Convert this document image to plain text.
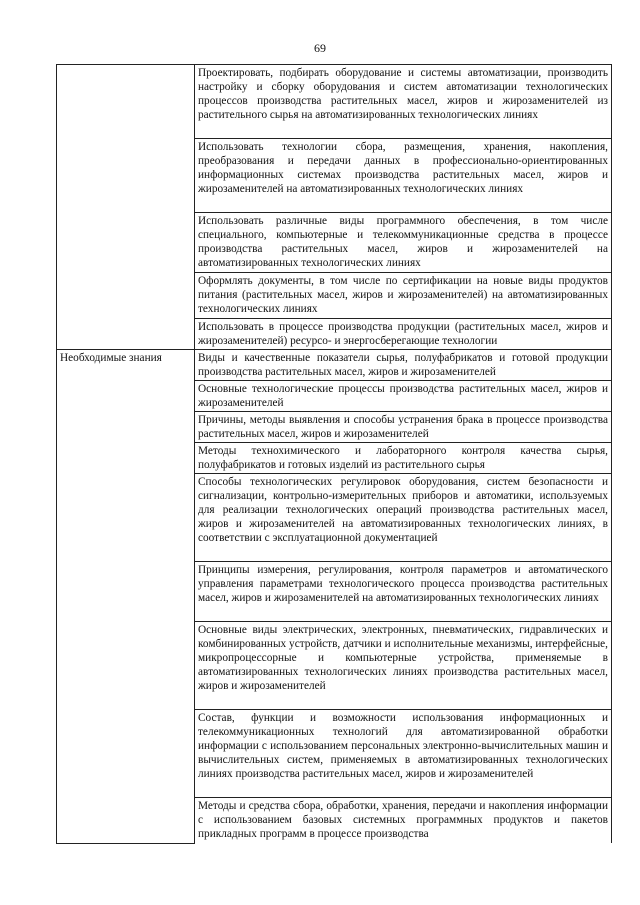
69
	Проектировать, подбирать оборудование и системы автоматизации, производить настройку и сборку оборудования и систем автоматизации технологических процессов производства растительных масел, жиров и жирозаменителей из растительного сырья на автоматизированных технологических линиях
	Использовать технологии сбора, размещения, хранения, накопления, преобразования и передачи данных в профессионально-ориентированных информационных системах производства растительных масел, жиров и жирозаменителей на автоматизированных технологических линиях
	Использовать различные виды программного обеспечения, в том числе специального, компьютерные и телекоммуникационные средства в процессе производства растительных масел, жиров и жирозаменителей на автоматизированных технологических линиях
	Оформлять документы, в том числе по сертификации на новые виды продуктов питания (растительных масел, жиров и жирозаменителей) на автоматизированных технологических линиях
	Использовать в процессе производства продукции (растительных масел, жиров и жирозаменителей) ресурсо- и энергосберегающие технологии
Необходимые знания	Виды и качественные показатели сырья, полуфабрикатов и готовой продукции производства растительных масел, жиров и жирозаменителей
	Основные технологические процессы производства растительных масел, жиров и жирозаменителей
	Причины, методы выявления и способы устранения брака в процессе производства растительных масел, жиров и жирозаменителей
	Методы технохимического и лабораторного контроля качества сырья, полуфабрикатов и готовых изделий из растительного сырья
	Способы технологических регулировок оборудования, систем безопасности и сигнализации, контрольно-измерительных приборов и автоматики, используемых для реализации технологических операций производства растительных масел, жиров и жирозаменителей на автоматизированных технологических линиях, в соответствии с эксплуатационной документацией
	Принципы измерения, регулирования, контроля параметров и автоматического управления параметрами технологического процесса производства растительных масел, жиров и жирозаменителей на автоматизированных технологических линиях
	Основные виды электрических, электронных, пневматических, гидравлических и комбинированных устройств, датчики и исполнительные механизмы, интерфейсные, микропроцессорные и компьютерные устройства, применяемые в автоматизированных технологических линиях производства растительных масел, жиров и жирозаменителей
	Состав, функции и возможности использования информационных и телекоммуникационных технологий для автоматизированной обработки информации с использованием персональных электронно-вычислительных машин и вычислительных систем, применяемых в автоматизированных технологических линиях производства растительных масел, жиров и жирозаменителей

	Методы и средства сбора, обработки, хранения, передачи и накопления информации с использованием базовых системных программных продуктов и пакетов прикладных программ в процессе производства
